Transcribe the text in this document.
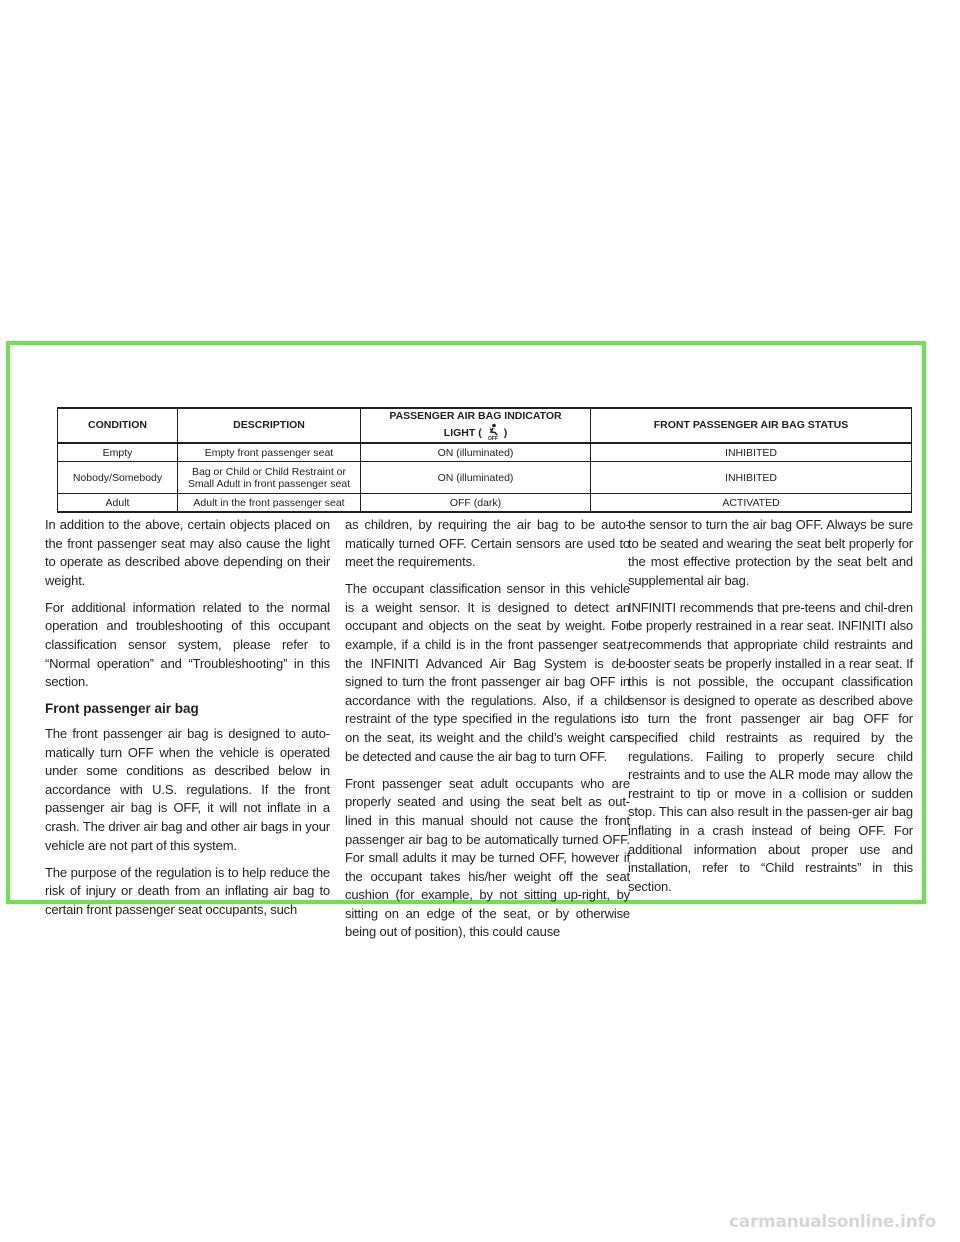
CONDITION	DESCRIPTION	PASSENGER AIR BAG INDICATOR
LIGHT ( OFF )	FRONT PASSENGER AIR BAG STATUS
Empty	Empty front passenger seat	ON (illuminated)	INHIBITED
Nobody/Somebody	Bag or Child or Child Restraint or
Small Adult in front passenger seat	ON (illuminated)	INHIBITED
Adult	Adult in the front passenger seat	OFF (dark)	ACTIVATED

In addition to the above, certain objects placed on the front passenger seat may also cause the light to operate as described above depending on their weight.

For additional information related to the normal operation and troubleshooting of this occupant classification sensor system, please refer to “Normal operation” and “Troubleshooting” in this section.

Front passenger air bag

The front passenger air bag is designed to auto-matically turn OFF when the vehicle is operated under some conditions as described below in accordance with U.S. regulations. If the front passenger air bag is OFF, it will not inflate in a crash. The driver air bag and other air bags in your vehicle are not part of this system.

The purpose of the regulation is to help reduce the risk of injury or death from an inflating air bag to certain front passenger seat occupants, such

as children, by requiring the air bag to be auto-matically turned OFF. Certain sensors are used to meet the requirements.

The occupant classification sensor in this vehicle is a weight sensor. It is designed to detect an occupant and objects on the seat by weight. For example, if a child is in the front passenger seat, the INFINITI Advanced Air Bag System is de-signed to turn the front passenger air bag OFF in accordance with the regulations. Also, if a child restraint of the type specified in the regulations is on the seat, its weight and the child’s weight can be detected and cause the air bag to turn OFF.

Front passenger seat adult occupants who are properly seated and using the seat belt as out-lined in this manual should not cause the front passenger air bag to be automatically turned OFF. For small adults it may be turned OFF, however if the occupant takes his/her weight off the seat cushion (for example, by not sitting up-right, by sitting on an edge of the seat, or by otherwise being out of position), this could cause

the sensor to turn the air bag OFF. Always be sure to be seated and wearing the seat belt properly for the most effective protection by the seat belt and supplemental air bag.

INFINITI recommends that pre-teens and chil-dren be properly restrained in a rear seat. INFINITI also recommends that appropriate child restraints and booster seats be properly installed in a rear seat. If this is not possible, the occupant classification sensor is designed to operate as described above to turn the front passenger air bag OFF for specified child restraints as required by the regulations. Failing to properly secure child restraints and to use the ALR mode may allow the restraint to tip or move in a collision or sudden stop. This can also result in the passen-ger air bag inflating in a crash instead of being OFF. For additional information about proper use and installation, refer to “Child restraints” in this section.

carmanualsonline.info
